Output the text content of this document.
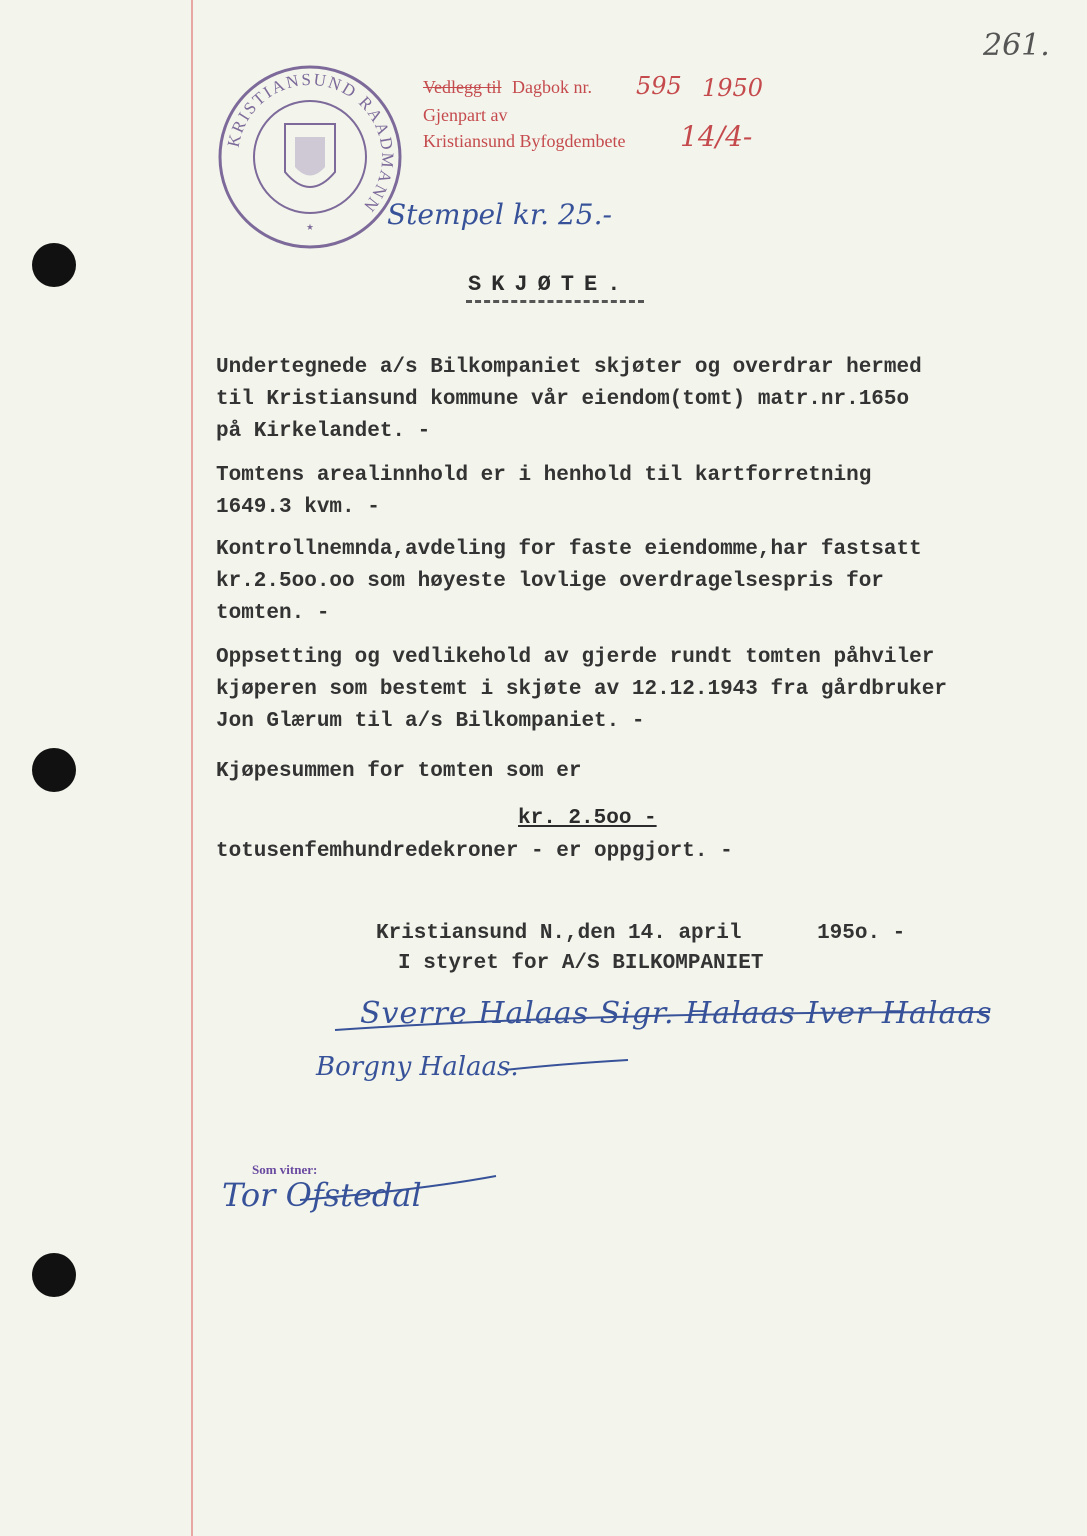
261.
KRISTIANSUND RAADMANN
★
Vedlegg til Dagbok nr.
Gjenpart av
Kristiansund Byfogdembete
595 1950
14/4-
Stempel kr. 25.-
SKJØTE.
Undertegnede a/s Bilkompaniet skjøter og overdrar hermed
til Kristiansund kommune vår eiendom(tomt) matr.nr.165o
på Kirkelandet. -
Tomtens arealinnhold er i henhold til kartforretning
1649.3 kvm. -
Kontrollnemnda,avdeling for faste eiendomme,har fastsatt
kr.2.5oo.oo som høyeste lovlige overdragelsespris for
tomten. -
Oppsetting og vedlikehold av gjerde rundt tomten påhviler
kjøperen som bestemt i skjøte av 12.12.1943 fra gårdbruker
Jon Glærum til a/s Bilkompaniet. -
Kjøpesummen for tomten som er
kr. 2.5oo -
totusenfemhundredekroner - er oppgjort. -
Kristiansund N.,den 14. april      195o. -
I styret for A/S BILKOMPANIET
Sverre Halaas Sigr. Halaas Iver Halaas
Borgny Halaas.
Som vitner:
Tor Ofstedal
